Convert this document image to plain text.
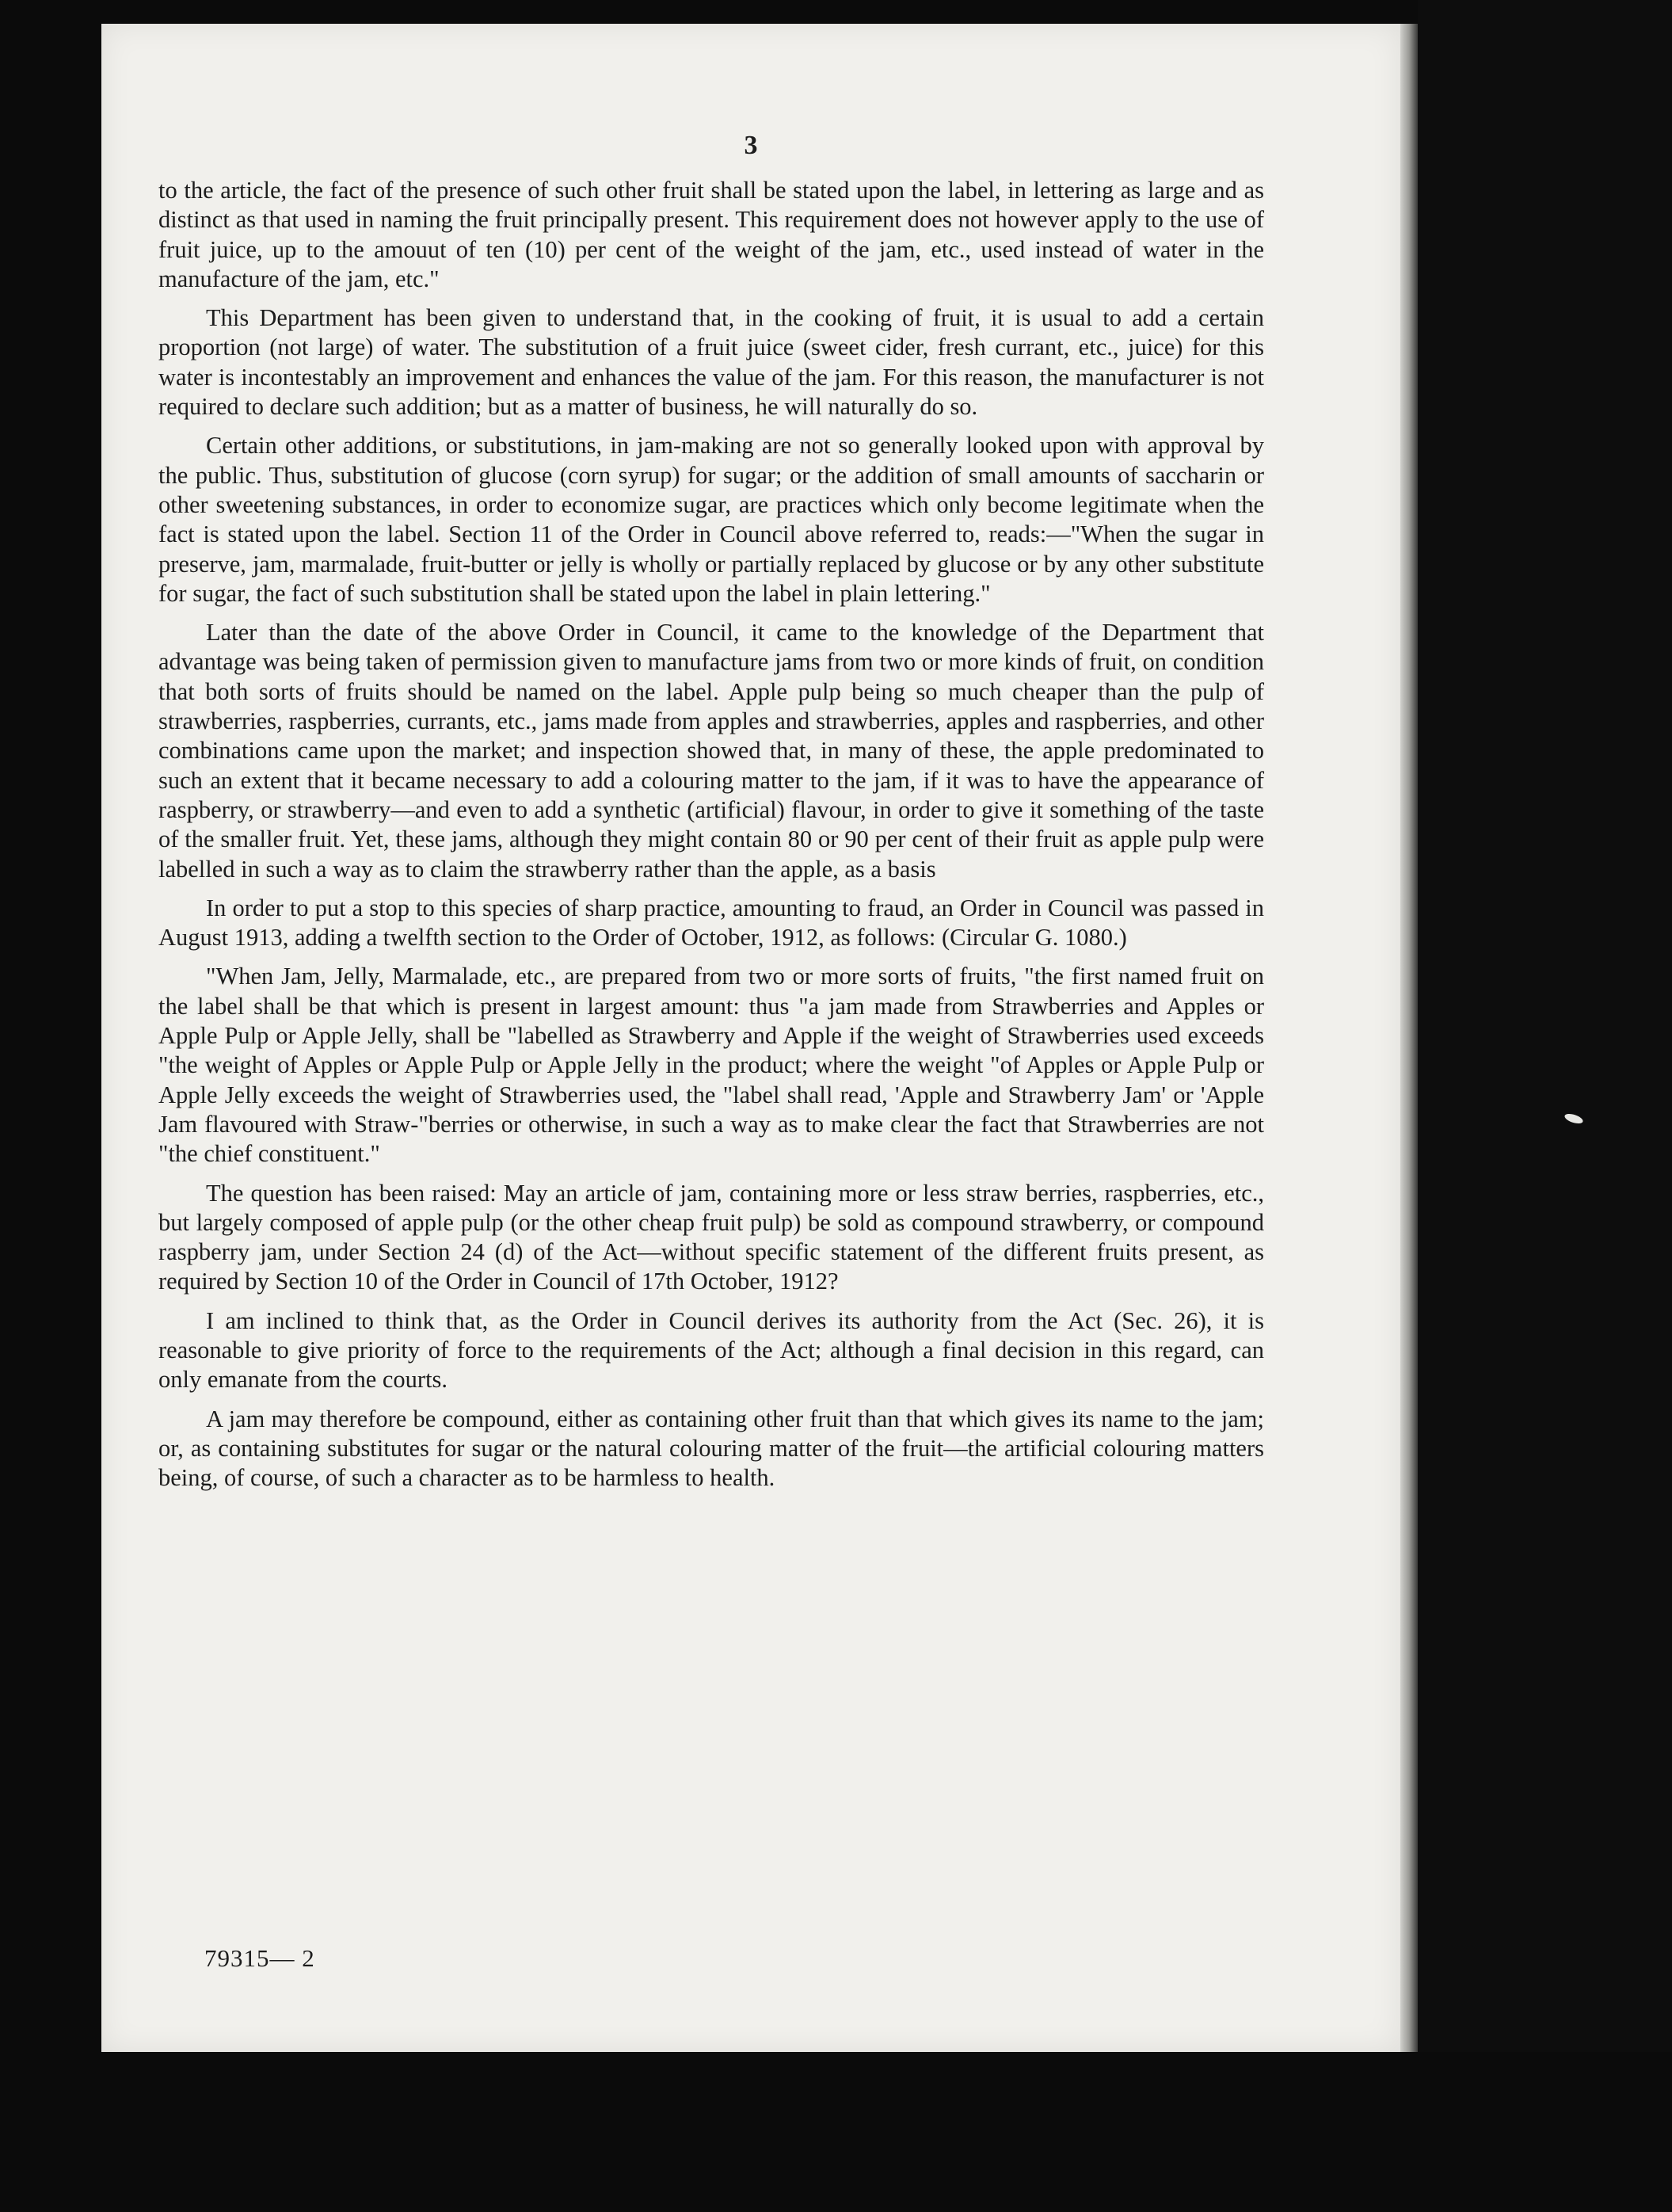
3

to the article, the fact of the presence of such other fruit shall be stated upon the label, in lettering as large and as distinct as that used in naming the fruit principally present. This requirement does not however apply to the use of fruit juice, up to the amouut of ten (10) per cent of the weight of the jam, etc., used instead of water in the manufacture of the jam, etc."

This Department has been given to understand that, in the cooking of fruit, it is usual to add a certain proportion (not large) of water. The substitution of a fruit juice (sweet cider, fresh currant, etc., juice) for this water is incontestably an improvement and enhances the value of the jam. For this reason, the manufacturer is not required to declare such addition; but as a matter of business, he will naturally do so.

Certain other additions, or substitutions, in jam-making are not so generally looked upon with approval by the public. Thus, substitution of glucose (corn syrup) for sugar; or the addition of small amounts of saccharin or other sweetening substances, in order to economize sugar, are practices which only become legitimate when the fact is stated upon the label. Section 11 of the Order in Council above referred to, reads:—"When the sugar in preserve, jam, marmalade, fruit-butter or jelly is wholly or partially replaced by glucose or by any other substitute for sugar, the fact of such substitution shall be stated upon the label in plain lettering."

Later than the date of the above Order in Council, it came to the knowledge of the Department that advantage was being taken of permission given to manufacture jams from two or more kinds of fruit, on condition that both sorts of fruits should be named on the label. Apple pulp being so much cheaper than the pulp of strawberries, raspberries, currants, etc., jams made from apples and strawberries, apples and raspberries, and other combinations came upon the market; and inspection showed that, in many of these, the apple predominated to such an extent that it became necessary to add a colouring matter to the jam, if it was to have the appearance of raspberry, or strawberry—and even to add a synthetic (artificial) flavour, in order to give it something of the taste of the smaller fruit. Yet, these jams, although they might contain 80 or 90 per cent of their fruit as apple pulp were labelled in such a way as to claim the strawberry rather than the apple, as a basis

In order to put a stop to this species of sharp practice, amounting to fraud, an Order in Council was passed in August 1913, adding a twelfth section to the Order of October, 1912, as follows: (Circular G. 1080.)

"When Jam, Jelly, Marmalade, etc., are prepared from two or more sorts of fruits, "the first named fruit on the label shall be that which is present in largest amount: thus "a jam made from Strawberries and Apples or Apple Pulp or Apple Jelly, shall be "labelled as Strawberry and Apple if the weight of Strawberries used exceeds "the weight of Apples or Apple Pulp or Apple Jelly in the product; where the weight "of Apples or Apple Pulp or Apple Jelly exceeds the weight of Strawberries used, the "label shall read, 'Apple and Strawberry Jam' or 'Apple Jam flavoured with Straw-"berries or otherwise, in such a way as to make clear the fact that Strawberries are not "the chief constituent."

The question has been raised: May an article of jam, containing more or less straw berries, raspberries, etc., but largely composed of apple pulp (or the other cheap fruit pulp) be sold as compound strawberry, or compound raspberry jam, under Section 24 (d) of the Act—without specific statement of the different fruits present, as required by Section 10 of the Order in Council of 17th October, 1912?

I am inclined to think that, as the Order in Council derives its authority from the Act (Sec. 26), it is reasonable to give priority of force to the requirements of the Act; although a final decision in this regard, can only emanate from the courts.

A jam may therefore be compound, either as containing other fruit than that which gives its name to the jam; or, as containing substitutes for sugar or the natural colouring matter of the fruit—the artificial colouring matters being, of course, of such a character as to be harmless to health.

79315— 2
